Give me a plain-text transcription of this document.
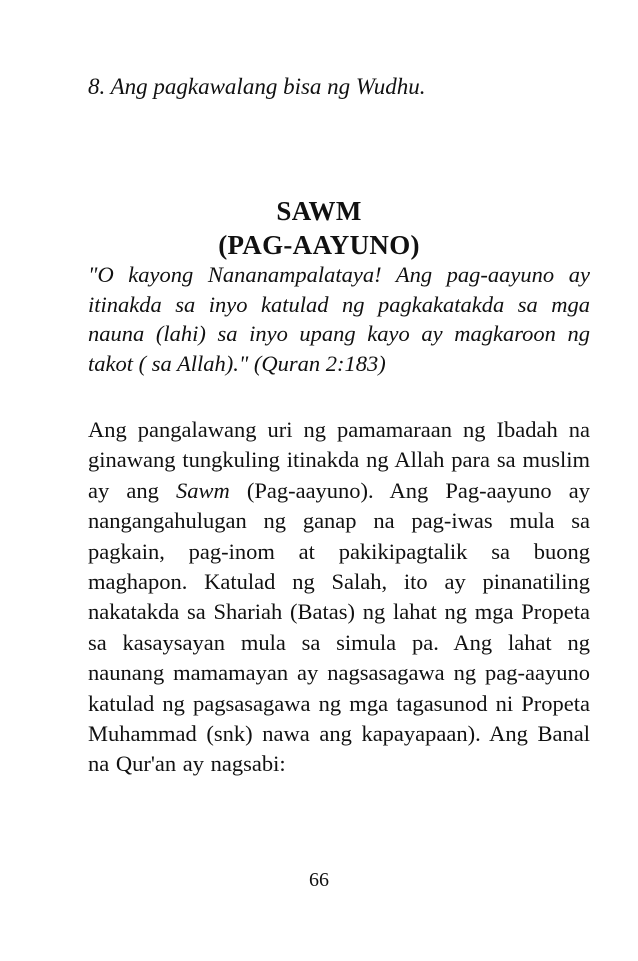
8. Ang pagkawalang bisa ng Wudhu.
SAWM
(PAG-AAYUNO)
"O kayong Nananampalataya! Ang pag-aayuno ay itinakda sa inyo katulad ng pagkakatakda sa mga nauna (lahi) sa inyo upang kayo ay magkaroon ng takot ( sa Allah)." (Quran 2:183)
Ang pangalawang uri ng pamamaraan ng Ibadah na ginawang tungkuling itinakda ng Allah para sa muslim ay ang Sawm (Pag-aayuno). Ang Pag-aayuno ay nangangahulugan ng ganap na pag-iwas mula sa pagkain, pag-inom at pakikipagtalik sa buong maghapon. Katulad ng Salah, ito ay pinanatiling nakatakda sa Shariah (Batas) ng lahat ng mga Propeta sa kasaysayan mula sa simula pa. Ang lahat ng naunang mamamayan ay nagsasagawa ng pag-aayuno katulad ng pagsasagawa ng mga tagasunod ni Propeta Muhammad (snk) nawa ang kapayapaan). Ang Banal na Qur'an ay nagsabi:
66
